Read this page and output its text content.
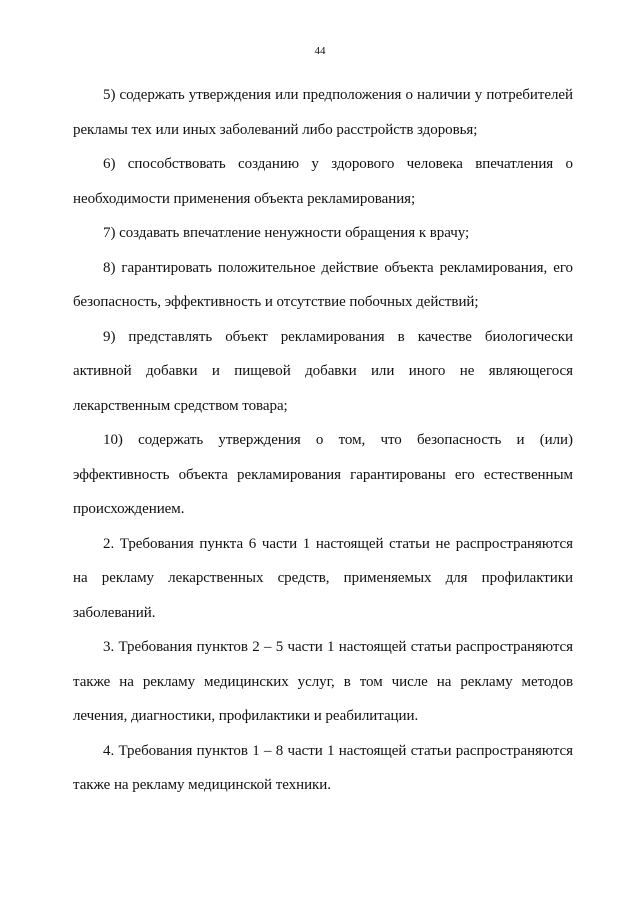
44

5) содержать утверждения или предположения о наличии у потребителей рекламы тех или иных заболеваний либо расстройств здоровья;

6) способствовать созданию у здорового человека впечатления о необходимости применения объекта рекламирования;

7) создавать впечатление ненужности обращения к врачу;

8) гарантировать положительное действие объекта рекламирования, его безопасность, эффективность и отсутствие побочных действий;

9) представлять объект рекламирования в качестве биологически активной добавки и пищевой добавки или иного не являющегося лекарственным средством товара;

10) содержать утверждения о том, что безопасность и (или) эффективность объекта рекламирования гарантированы его естественным происхождением.

2. Требования пункта 6 части 1 настоящей статьи не распространяются на рекламу лекарственных средств, применяемых для профилактики заболеваний.

3. Требования пунктов 2 – 5 части 1 настоящей статьи распространяются также на рекламу медицинских услуг, в том числе на рекламу методов лечения, диагностики, профилактики и реабилитации.

4. Требования пунктов 1 – 8 части 1 настоящей статьи распространяются также на рекламу медицинской техники.
